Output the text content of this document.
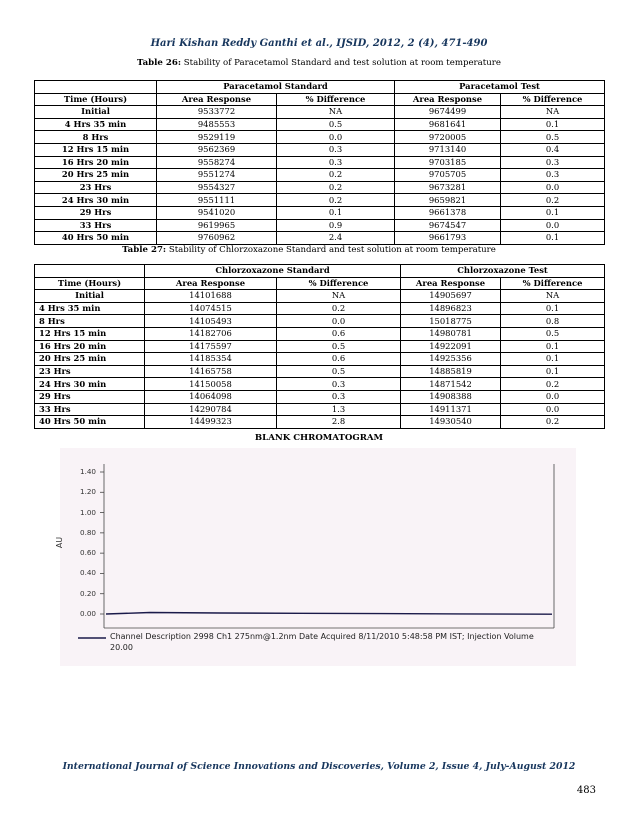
Hari Kishan Reddy Ganthi et al., IJSID, 2012, 2 (4), 471-490
Table 26: Stability of Paracetamol Standard and test solution at room temperature
	Paracetamol Standard		Paracetamol Test	
Time (Hours)	Area Response	% Difference	Area Response	% Difference
Initial	9533772	NA	9674499	NA
4 Hrs 35 min	9485553	0.5	9681641	0.1
8 Hrs	9529119	0.0	9720005	0.5
12 Hrs 15 min	9562369	0.3	9713140	0.4
16 Hrs 20 min	9558274	0.3	9703185	0.3
20 Hrs 25 min	9551274	0.2	9705705	0.3
23 Hrs	9554327	0.2	9673281	0.0
24 Hrs 30 min	9551111	0.2	9659821	0.2
29 Hrs	9541020	0.1	9661378	0.1
33 Hrs	9619965	0.9	9674547	0.0
40 Hrs 50 min	9760962	2.4	9661793	0.1
Table 27: Stability of Chlorzoxazone Standard and test solution at room temperature
	Chlorzoxazone Standard		Chlorzoxazone Test	
Time (Hours)	Area Response	% Difference	Area Response	% Difference
Initial	14101688	NA	14905697	NA
4 Hrs 35 min	14074515	0.2	14896823	0.1
8 Hrs	14105493	0.0	15018775	0.8
12 Hrs 15 min	14182706	0.6	14980781	0.5
16 Hrs 20 min	14175597	0.5	14922091	0.1
20 Hrs 25 min	14185354	0.6	14925356	0.1
23 Hrs	14165758	0.5	14885819	0.1
24 Hrs 30 min	14150058	0.3	14871542	0.2
29 Hrs	14064098	0.3	14908388	0.0
33 Hrs	14290784	1.3	14911371	0.0
40 Hrs 50 min	14499323	2.8	14930540	0.2
BLANK CHROMATOGRAM
1.40
1.20
1.00
0.80
0.60
0.40
0.20
0.00
AU
Channel Description 2998 Ch1 275nm@1.2nm Date Acquired 8/11/2010 5:48:58 PM IST; Injection Volume
20.00
International Journal of Science Innovations and Discoveries, Volume 2, Issue 4, July-August 2012
483
